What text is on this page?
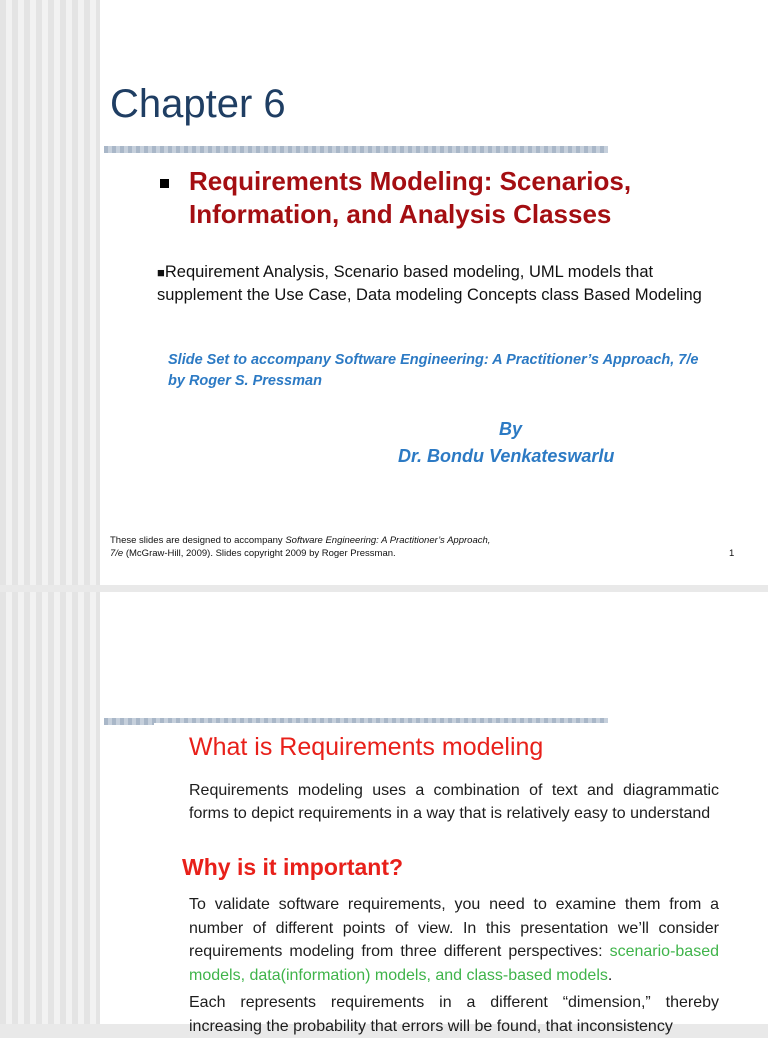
Chapter 6
Requirements Modeling: Scenarios, Information, and Analysis Classes
■Requirement Analysis, Scenario based modeling, UML models that supplement the Use Case, Data modeling Concepts class Based Modeling
Slide Set to accompany Software Engineering: A Practitioner’s Approach, 7/e by Roger S. Pressman
By
Dr. Bondu Venkateswarlu
These slides are designed to accompany Software Engineering: A Practitioner’s Approach,
7/e (McGraw-Hill, 2009). Slides copyright 2009 by Roger Pressman.	1
What is Requirements modeling
Requirements modeling uses a combination of text and diagrammatic forms to depict requirements in a way that is relatively easy to understand
Why is it important?
To validate software requirements, you need to examine them from a number of different points of view. In this presentation we’ll consider requirements modeling from three different perspectives: scenario-based models, data(information) models, and class-based models.
Each represents requirements in a different “dimension,” thereby increasing the probability that errors will be found, that inconsistency
